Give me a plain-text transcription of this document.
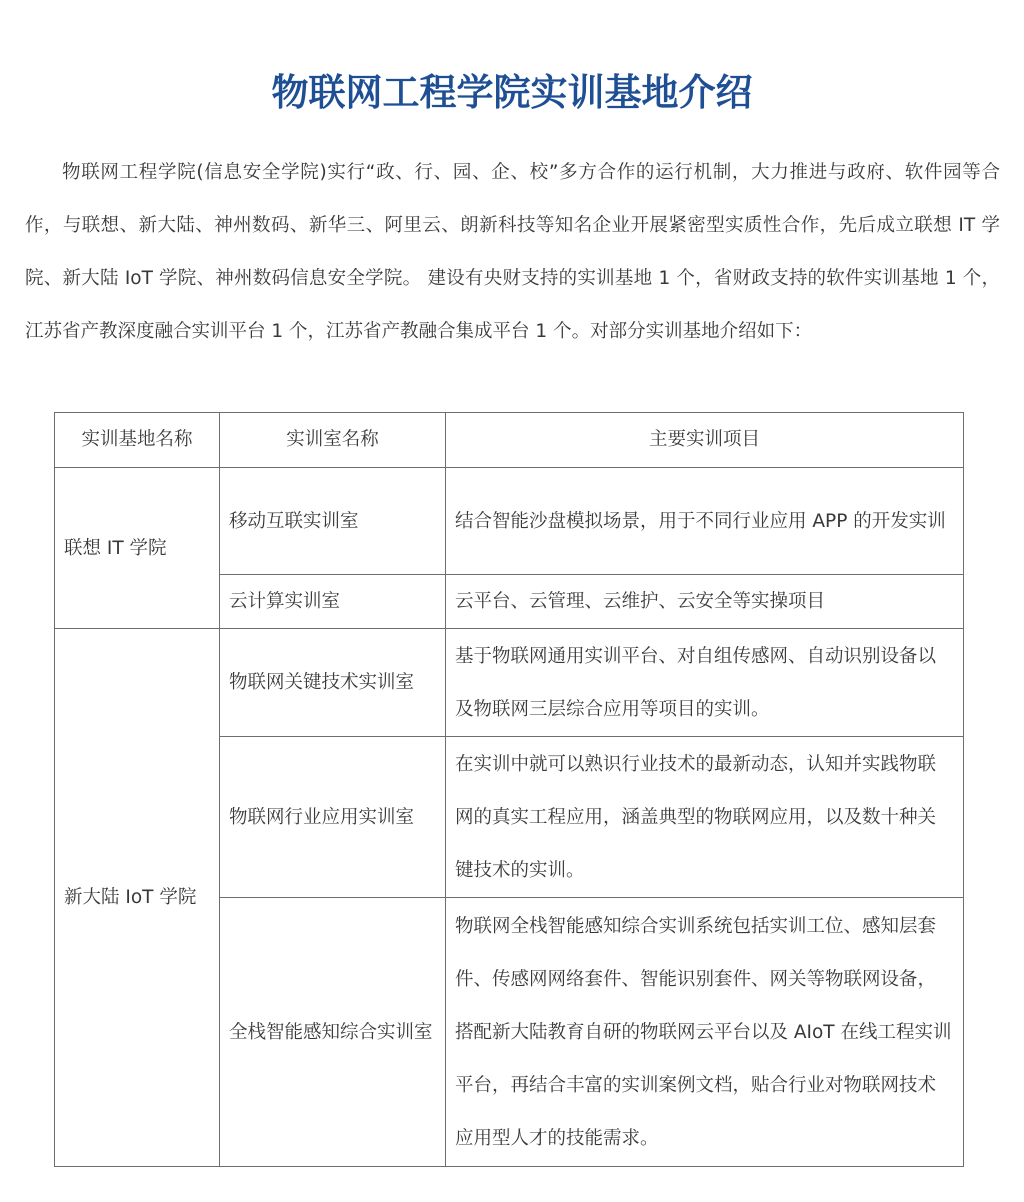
物联网工程学院实训基地介绍

物联网工程学院(信息安全学院)实行“政、行、园、企、校”多方合作的运行机制，大力推进与政府、软件园等合作，与联想、新大陆、神州数码、新华三、阿里云、朗新科技等知名企业开展紧密型实质性合作，先后成立联想 IT 学院、新大陆 IoT 学院、神州数码信息安全学院。 建设有央财支持的实训基地 1 个，省财政支持的软件实训基地 1 个，江苏省产教深度融合实训平台 1 个，江苏省产教融合集成平台 1 个。对部分实训基地介绍如下：

实训基地名称	实训室名称	主要实训项目
联想 IT 学院	移动互联实训室	结合智能沙盘模拟场景，用于不同行业应用 APP 的开发实训
	云计算实训室	云平台、云管理、云维护、云安全等实操项目
新大陆 IoT 学院	物联网关键技术实训室	基于物联网通用实训平台、对自组传感网、自动识别设备以及物联网三层综合应用等项目的实训。
	物联网行业应用实训室	在实训中就可以熟识行业技术的最新动态，认知并实践物联网的真实工程应用，涵盖典型的物联网应用，以及数十种关键技术的实训。
	全栈智能感知综合实训室	物联网全栈智能感知综合实训系统包括实训工位、感知层套件、传感网网络套件、智能识别套件、网关等物联网设备，搭配新大陆教育自研的物联网云平台以及 AIoT 在线工程实训平台，再结合丰富的实训案例文档，贴合行业对物联网技术应用型人才的技能需求。
